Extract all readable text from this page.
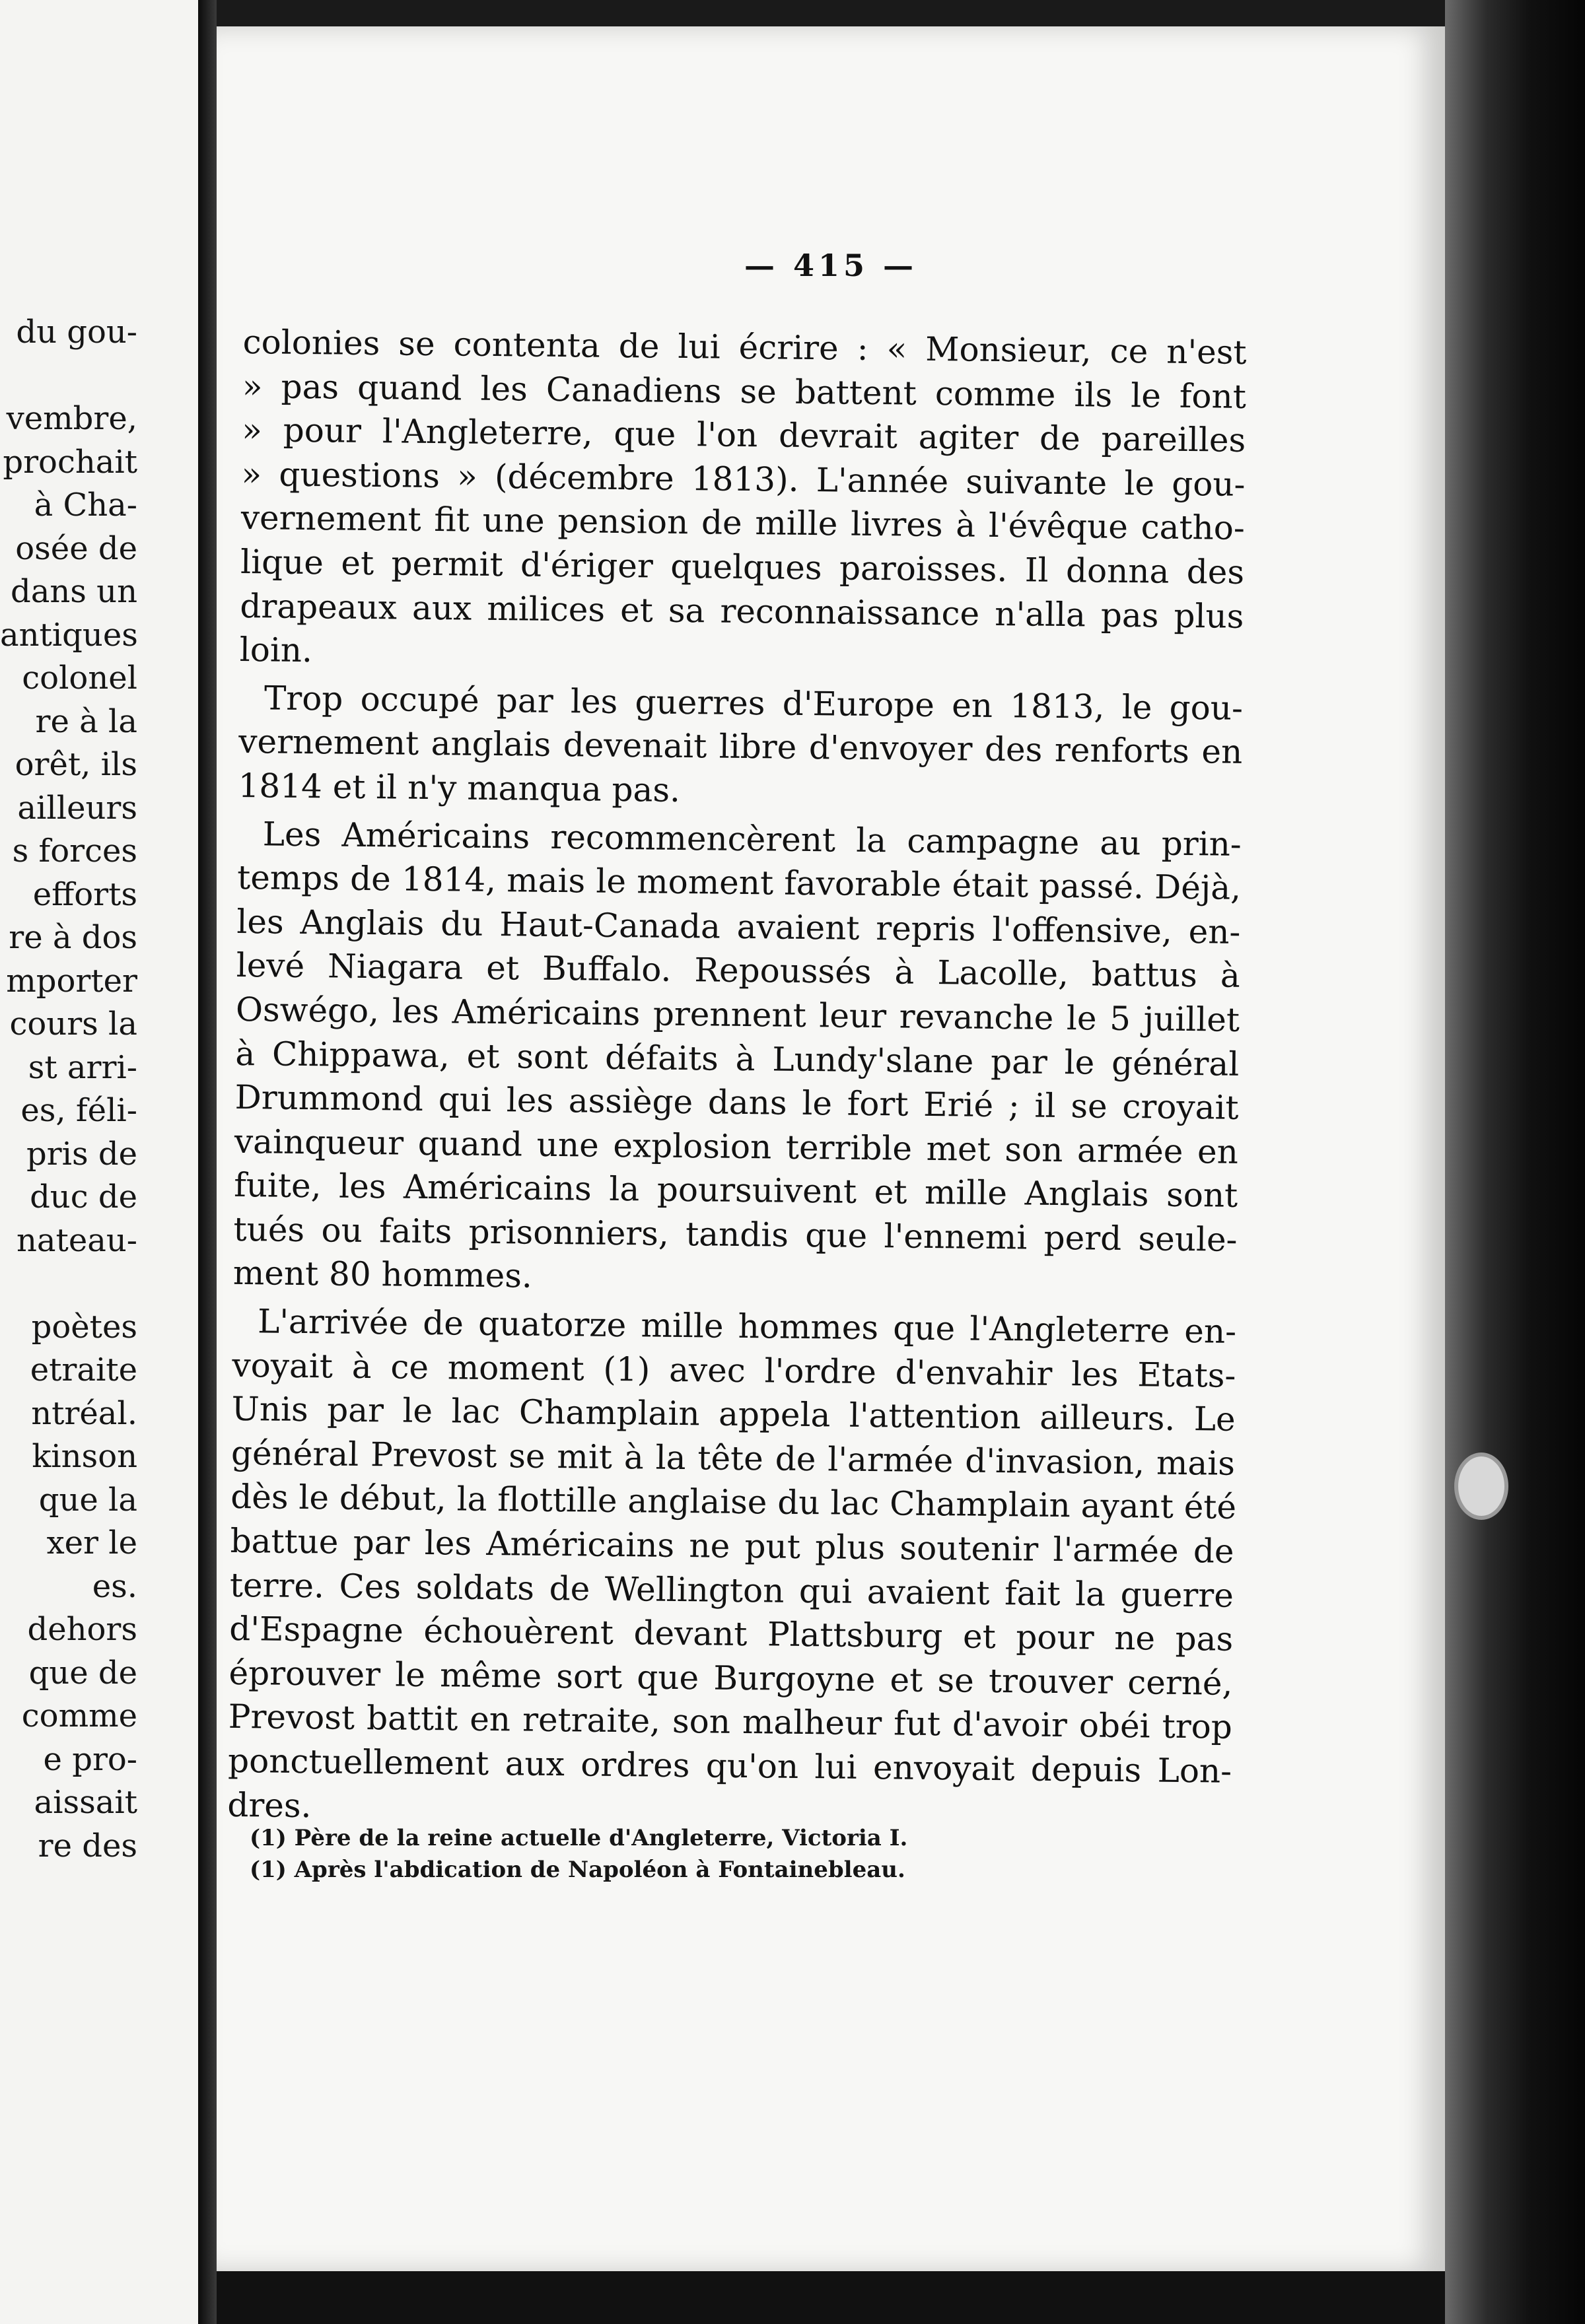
du gou-
vembre,
prochait
à Cha-
osée de
dans un
antiques
colonel
re à la
orêt, ils
ailleurs
s forces
efforts
re à dos
mporter
cours la
st arri-
es, féli-
pris de
duc de
nateau-
poètes
etraite
ntréal.
kinson
que la
xer le
es.
dehors
que de
comme
e pro-
aissait
re des
— 415 —

colonies se contenta de lui écrire : « Monsieur, ce n'est
» pas quand les Canadiens se battent comme ils le font
» pour l'Angleterre, que l'on devrait agiter de pareilles
» questions » (décembre 1813). L'année suivante le gou-
vernement fit une pension de mille livres à l'évêque catho-
lique et permit d'ériger quelques paroisses. Il donna des
drapeaux aux milices et sa reconnaissance n'alla pas plus
loin.

Trop occupé par les guerres d'Europe en 1813, le gou-
vernement anglais devenait libre d'envoyer des renforts en
1814 et il n'y manqua pas.

Les Américains recommencèrent la campagne au prin-
temps de 1814, mais le moment favorable était passé. Déjà,
les Anglais du Haut-Canada avaient repris l'offensive, en-
levé Niagara et Buffalo. Repoussés à Lacolle, battus à
Oswégo, les Américains prennent leur revanche le 5 juillet
à Chippawa, et sont défaits à Lundy'slane par le général
Drummond qui les assiège dans le fort Erié ; il se croyait
vainqueur quand une explosion terrible met son armée en
fuite, les Américains la poursuivent et mille Anglais sont
tués ou faits prisonniers, tandis que l'ennemi perd seule-
ment 80 hommes.

L'arrivée de quatorze mille hommes que l'Angleterre en-
voyait à ce moment (1) avec l'ordre d'envahir les Etats-
Unis par le lac Champlain appela l'attention ailleurs. Le
général Prevost se mit à la tête de l'armée d'invasion, mais
dès le début, la flottille anglaise du lac Champlain ayant été
battue par les Américains ne put plus soutenir l'armée de
terre. Ces soldats de Wellington qui avaient fait la guerre
d'Espagne échouèrent devant Plattsburg et pour ne pas
éprouver le même sort que Burgoyne et se trouver cerné,
Prevost battit en retraite, son malheur fut d'avoir obéi trop
ponctuellement aux ordres qu'on lui envoyait depuis Lon-
dres.

(1) Père de la reine actuelle d'Angleterre, Victoria I.
(1) Après l'abdication de Napoléon à Fontainebleau.
